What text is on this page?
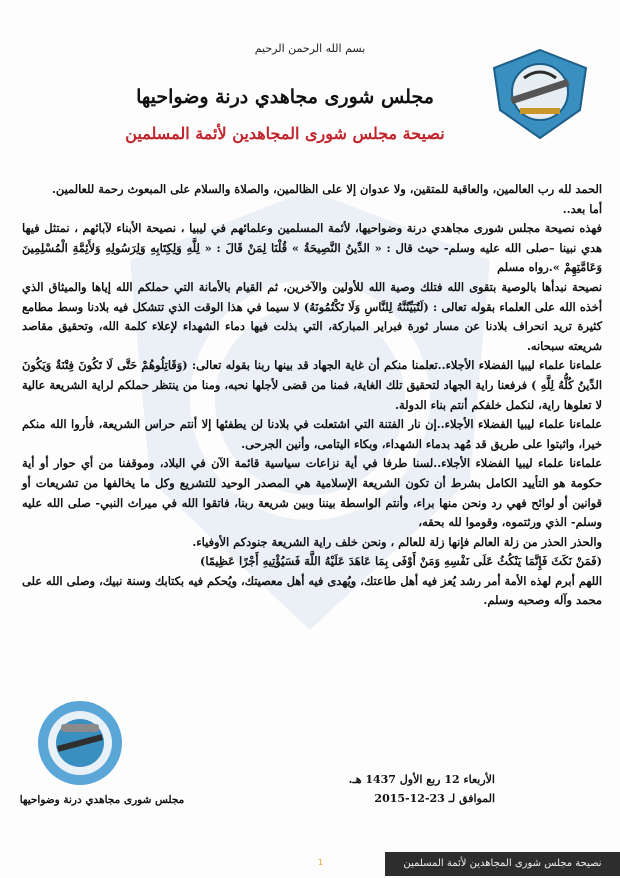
بسم الله الرحمن الرحيم
مجلس شورى مجاهدي درنة وضواحيها
نصيحة مجلس شورى المجاهدين لأئمة المسلمين

الحمد لله رب العالمين، والعاقبة للمتقين، ولا عدوان إلا على الظالمين، والصلاة والسلام على المبعوث رحمة للعالمين.

أما بعد..

فهذه نصيحة مجلس شورى مجاهدي درنة وضواحيها، لأئمة المسلمين وعلمائهم في ليبيا ، نصيحة الأبناء لآبائهم ، نمتثل فيها هدي نبينا –صلى الله عليه وسلم- حيث قال : « الدِّينُ النَّصِيحَةُ » قُلْنَا لِمَنْ قَالَ : « لِلَّهِ وَلِكِتَابِهِ وَلِرَسُولِهِ وَلأَئِمَّةِ الْمُسْلِمِينَ وَعَامَّتِهِمْ ».رواه مسلم

نصيحة نبدأها بالوصية بتقوى الله فتلك وصية الله للأولين والآخرين، ثم القيام بالأمانة التي حملكم الله إياها والميثاق الذي أخذه الله على العلماء بقوله تعالى : (لَتُبَيِّنُنَّهُ لِلنَّاسِ وَلَا تَكْتُمُونَهُ) لا سيما في هذا الوقت الذي تتشكل فيه بلادنا وسط مطامع كثيرة تريد انحراف بلادنا عن مسار ثورة فبراير المباركة، التي بذلت فيها دماء الشهداء لإعلاء كلمة الله، وتحقيق مقاصد شريعته سبحانه.

علماءنا علماء ليبيا الفضلاء الأجلاء..تعلمنا منكم أن غاية الجهاد قد بينها ربنا بقوله تعالى: (وَقَاتِلُوهُمْ حَتَّى لَا تَكُونَ فِتْنَةٌ وَيَكُونَ الدِّينُ كُلُّهُ لِلَّهِ ) فرفعنا راية الجهاد لتحقيق تلك الغاية، فمنا من قضى لأجلها نحبه، ومنا من ينتظر حملكم لراية الشريعة عالية لا تعلوها راية، لنكمل خلفكم أنتم بناء الدولة.

علماءنا علماء ليبيا الفضلاء الأجلاء..إن نار الفتنة التي اشتعلت في بلادنا لن يطفئها إلا أنتم حراس الشريعة، فأروا الله منكم خيرا، واثبتوا على طريق قد مُهد بدماء الشهداء، وبكاء اليتامى، وأنين الجرحى.

علماءنا علماء ليبيا الفضلاء الأجلاء..لسنا طرفا في أية نزاعات سياسية قائمة الآن في البلاد، وموقفنا من أي حوار أو أية حكومة هو التأييد الكامل بشرط أن تكون الشريعة الإسلامية هي المصدر الوحيد للتشريع وكل ما يخالفها من تشريعات أو قوانين أو لوائح فهي رد ونحن منها براء، وأنتم الواسطة بيننا وبين شريعة ربنا، فاتقوا الله في ميراث النبي- صلى الله عليه وسلم- الذي ورثتموه، وقوموا لله بحقه،

والحذر الحذر من زلة العالم فإنها زلة للعالم ، ونحن خلف راية الشريعة جنودكم الأوفياء.

(فَمَنْ نَكَثَ فَإِنَّمَا يَنْكُثُ عَلَى نَفْسِهِ وَمَنْ أَوْفَى بِمَا عَاهَدَ عَلَيْهُ اللَّهَ فَسَيُؤْتِيهِ أَجْرًا عَظِيمًا)

اللهم أبرم لهذه الأمة أمر رشد يُعز فيه أهل طاعتك، ويُهدى فيه أهل معصيتك، ويُحكم فيه بكتابك وسنة نبيك، وصلى الله على محمد وآله وصحبه وسلم.

الأربعاء 12 ربع الأول 1437 هـ.
الموافق لـ 23-12-2015
مجلس شورى مجاهدي درنة وضواحيها
1	نصيحة مجلس شورى المجاهدين لأئمة المسلمين
